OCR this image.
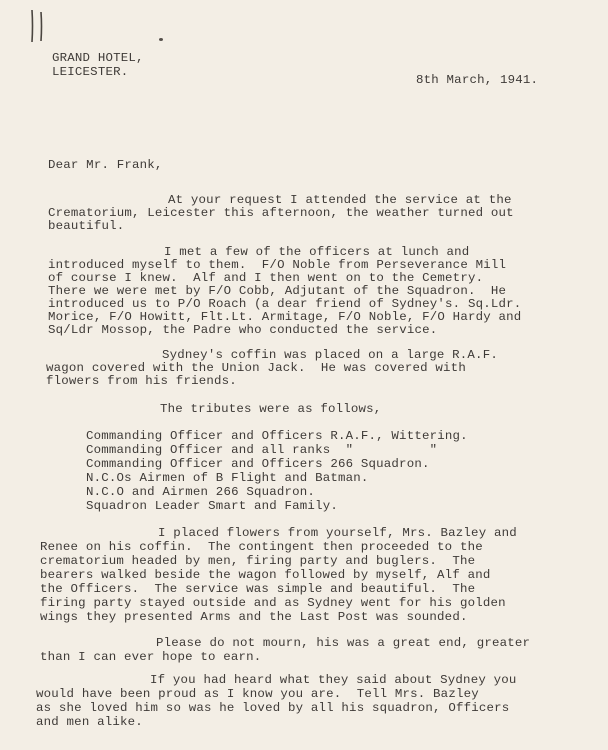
GRAND HOTEL,
LEICESTER.
8th March, 1941.
Dear Mr. Frank,
At your request I attended the service at the
Crematorium, Leicester this afternoon, the weather turned out
beautiful.
I met a few of the officers at lunch and
introduced myself to them.  F/O Noble from Perseverance Mill
of course I knew.  Alf and I then went on to the Cemetry.
There we were met by F/O Cobb, Adjutant of the Squadron.  He
introduced us to P/O Roach (a dear friend of Sydney's. Sq.Ldr.
Morice, F/O Howitt, Flt.Lt. Armitage, F/O Noble, F/O Hardy and
Sq/Ldr Mossop, the Padre who conducted the service.
Sydney's coffin was placed on a large R.A.F.
wagon covered with the Union Jack.  He was covered with
flowers from his friends.
The tributes were as follows,
Commanding Officer and Officers R.A.F., Wittering.
Commanding Officer and all ranks  "          "
Commanding Officer and Officers 266 Squadron.
N.C.Os Airmen of B Flight and Batman.
N.C.O and Airmen 266 Squadron.
Squadron Leader Smart and Family.
I placed flowers from yourself, Mrs. Bazley and
Renee on his coffin.  The contingent then proceeded to the
crematorium headed by men, firing party and buglers.  The
bearers walked beside the wagon followed by myself, Alf and
the Officers.  The service was simple and beautiful.  The
firing party stayed outside and as Sydney went for his golden
wings they presented Arms and the Last Post was sounded.
Please do not mourn, his was a great end, greater
than I can ever hope to earn.
If you had heard what they said about Sydney you
would have been proud as I know you are.  Tell Mrs. Bazley
as she loved him so was he loved by all his squadron, Officers
and men alike.
